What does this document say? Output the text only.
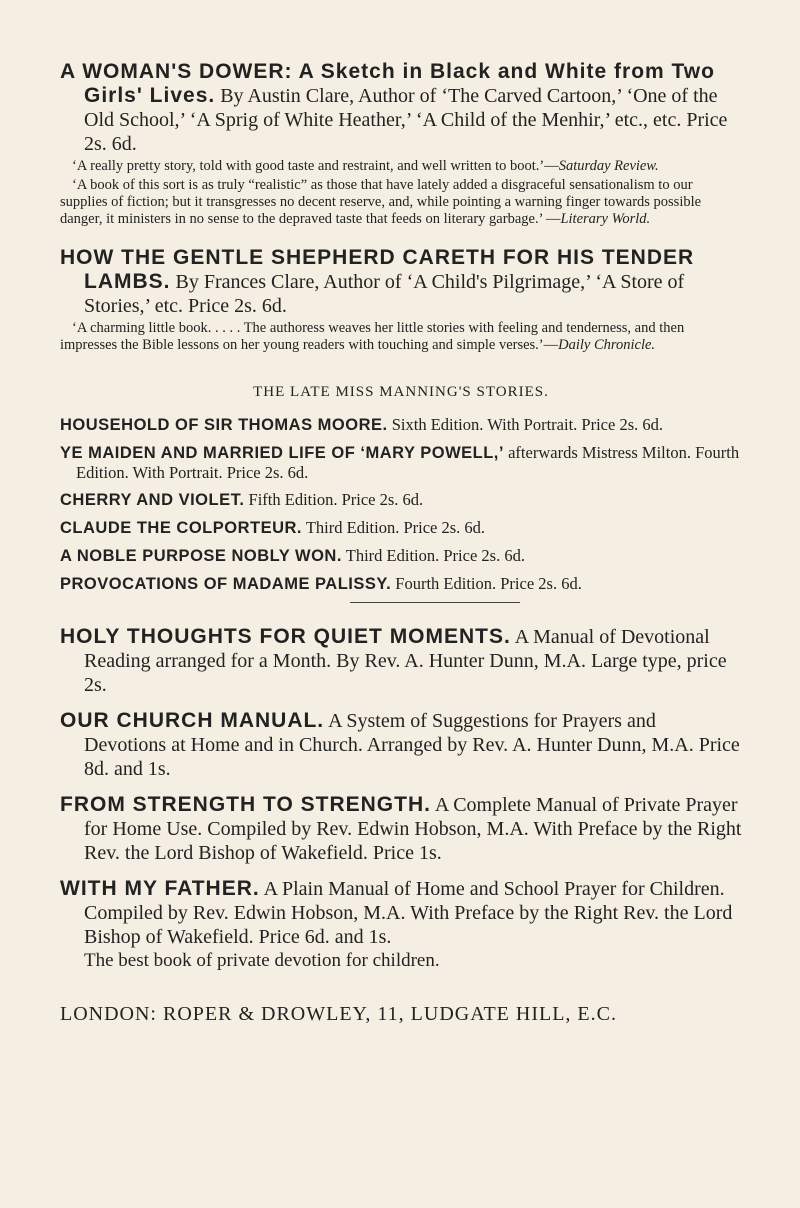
A WOMAN'S DOWER: A Sketch in Black and White from Two Girls' Lives. By Austin Clare, Author of ‘The Carved Cartoon,’ ‘One of the Old School,’ ‘A Sprig of White Heather,’ ‘A Child of the Menhir,’ etc., etc. Price 2s. 6d.
‘A really pretty story, told with good taste and restraint, and well written to boot.’—Saturday Review.
‘A book of this sort is as truly “realistic” as those that have lately added a disgraceful sensationalism to our supplies of fiction; but it transgresses no decent reserve, and, while pointing a warning finger towards possible danger, it ministers in no sense to the depraved taste that feeds on literary garbage.’ —Literary World.
HOW THE GENTLE SHEPHERD CARETH FOR HIS TENDER LAMBS. By Frances Clare, Author of ‘A Child's Pilgrimage,’ ‘A Store of Stories,’ etc. Price 2s. 6d.
‘A charming little book. . . . . The authoress weaves her little stories with feeling and tenderness, and then impresses the Bible lessons on her young readers with touching and simple verses.’—Daily Chronicle.
THE LATE MISS MANNING'S STORIES.
HOUSEHOLD OF SIR THOMAS MOORE. Sixth Edition. With Portrait. Price 2s. 6d.
YE MAIDEN AND MARRIED LIFE OF ‘MARY POWELL,’ afterwards Mistress Milton. Fourth Edition. With Portrait. Price 2s. 6d.
CHERRY AND VIOLET. Fifth Edition. Price 2s. 6d.
CLAUDE THE COLPORTEUR. Third Edition. Price 2s. 6d.
A NOBLE PURPOSE NOBLY WON. Third Edition. Price 2s. 6d.
PROVOCATIONS OF MADAME PALISSY. Fourth Edition. Price 2s. 6d.
HOLY THOUGHTS FOR QUIET MOMENTS. A Manual of Devotional Reading arranged for a Month. By Rev. A. Hunter Dunn, M.A. Large type, price 2s.
OUR CHURCH MANUAL. A System of Suggestions for Prayers and Devotions at Home and in Church. Arranged by Rev. A. Hunter Dunn, M.A. Price 8d. and 1s.
FROM STRENGTH TO STRENGTH. A Complete Manual of Private Prayer for Home Use. Compiled by Rev. Edwin Hobson, M.A. With Preface by the Right Rev. the Lord Bishop of Wakefield. Price 1s.
WITH MY FATHER. A Plain Manual of Home and School Prayer for Children. Compiled by Rev. Edwin Hobson, M.A. With Preface by the Right Rev. the Lord Bishop of Wakefield. Price 6d. and 1s.
The best book of private devotion for children.
LONDON: ROPER & DROWLEY, 11, LUDGATE HILL, E.C.
